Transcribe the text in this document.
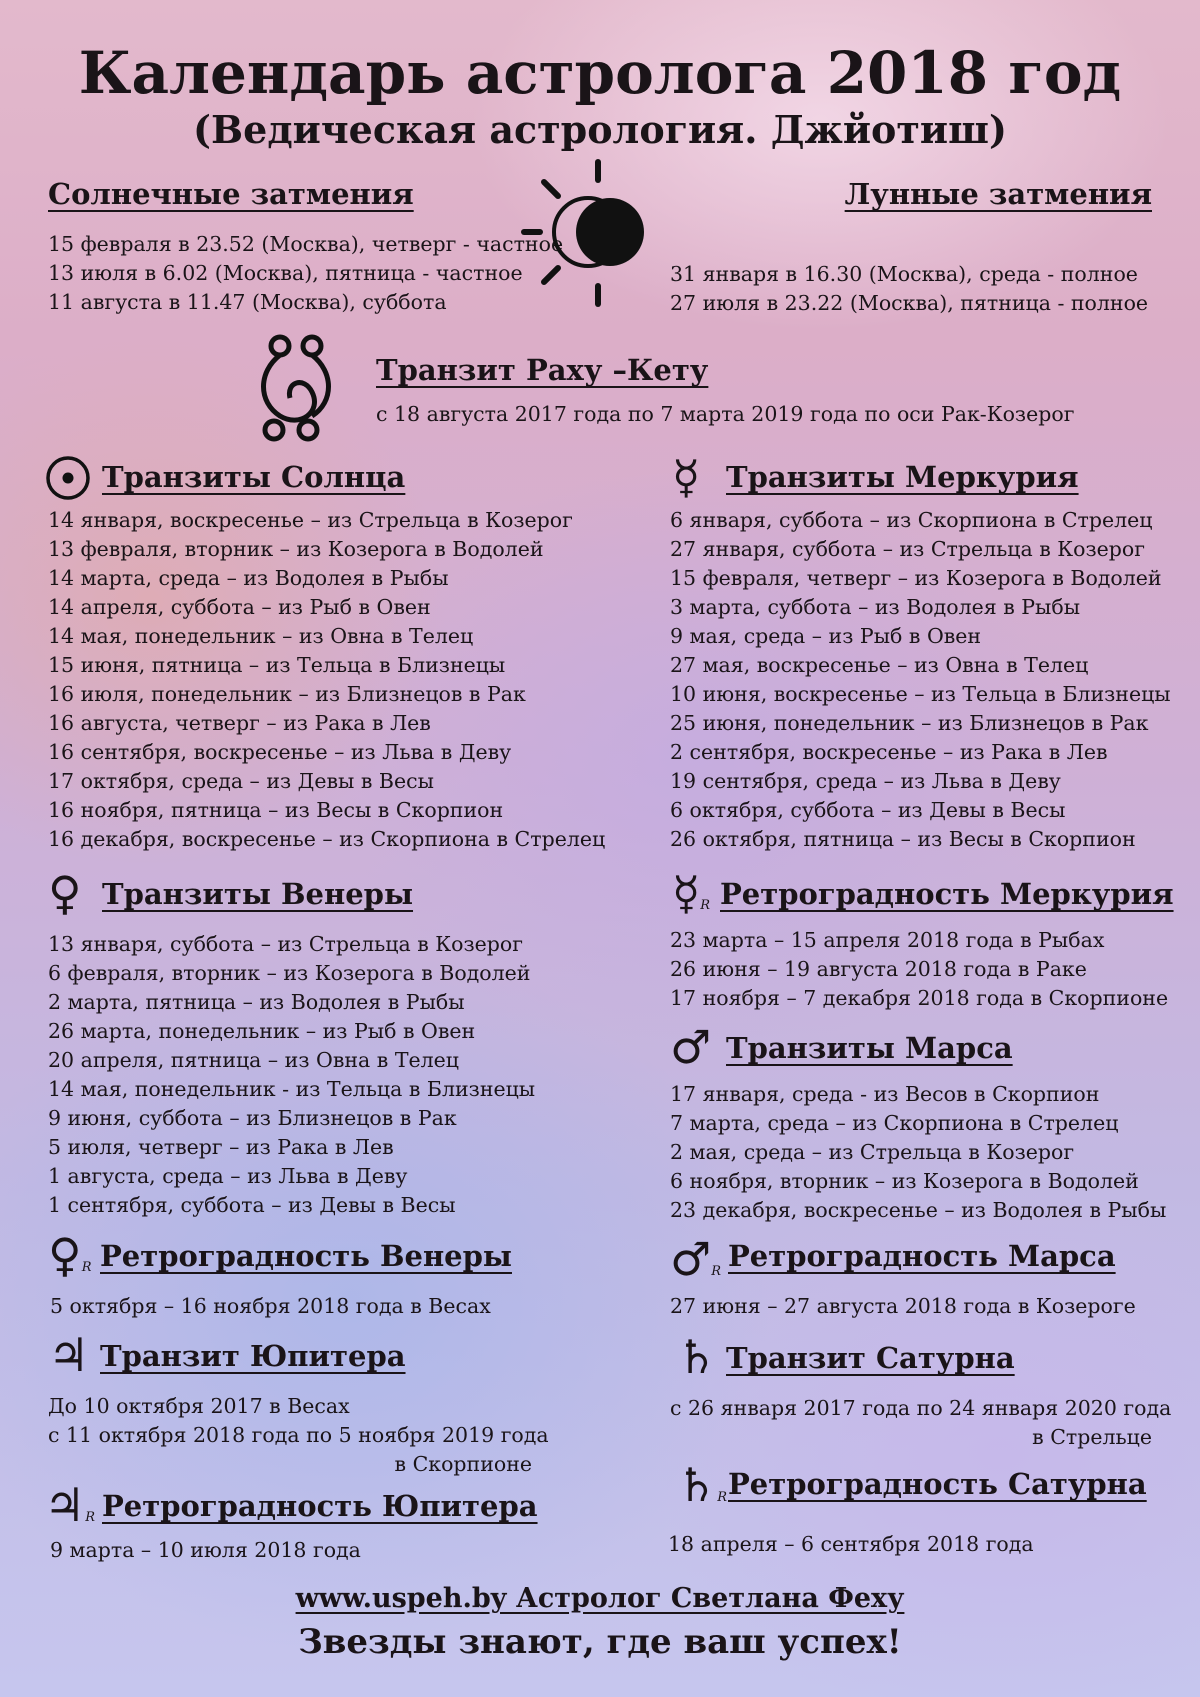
Календарь астролога 2018 год
(Ведическая астрология. Джйотиш)
Солнечные затмения
15 февраля в 23.52 (Москва), четверг - частное
13 июля в 6.02 (Москва), пятница - частное
11 августа в 11.47 (Москва), суббота
Лунные затмения
31 января в 16.30 (Москва), среда - полное
27 июля в 23.22 (Москва), пятница - полное
Транзит Раху –Кету
с 18 августа 2017 года по 7 марта 2019 года по оси Рак-Козерог
Транзиты Солнца
14 января, воскресенье – из Стрельца в Козерог
13 февраля, вторник – из Козерога в Водолей
14 марта, среда – из Водолея в Рыбы
14 апреля, суббота – из Рыб в Овен
14 мая, понедельник – из Овна в Телец
15 июня, пятница – из Тельца в Близнецы
16 июля, понедельник – из Близнецов в Рак
16 августа, четверг – из Рака в Лев
16 сентября, воскресенье – из Льва в Деву
17 октября, среда – из Девы в Весы
16 ноября, пятница – из Весы в Скорпион
16 декабря, воскресенье – из Скорпиона в Стрелец
☿ Транзиты Меркурия
6 января, суббота – из Скорпиона в Стрелец
27 января, суббота – из Стрельца в Козерог
15 февраля, четверг – из Козерога в Водолей
3 марта, суббота – из Водолея в Рыбы
9 мая, среда – из Рыб в Овен
27 мая, воскресенье – из Овна в Телец
10 июня, воскресенье – из Тельца в Близнецы
25 июня, понедельник – из Близнецов в Рак
2 сентября, воскресенье – из Рака в Лев
19 сентября, среда – из Льва в Деву
6 октября, суббота – из Девы в Весы
26 октября, пятница – из Весы в Скорпион
♀ Транзиты Венеры
13 января, суббота – из Стрельца в Козерог
6 февраля, вторник – из Козерога в Водолей
2 марта, пятница – из Водолея в Рыбы
26 марта, понедельник – из Рыб в Овен
20 апреля, пятница – из Овна в Телец
14 мая, понедельник - из Тельца в Близнецы
9 июня, суббота – из Близнецов в Рак
5 июля, четверг – из Рака в Лев
1 августа, среда – из Льва в Деву
1 сентября, суббота – из Девы в Весы
☿R Ретроградность Меркурия
23 марта – 15 апреля 2018 года в Рыбах
26 июня – 19 августа 2018 года в Раке
17 ноября – 7 декабря 2018 года в Скорпионе
♂ Транзиты Марса
17 января, среда - из Весов в Скорпион
7 марта, среда – из Скорпиона в Стрелец
2 мая, среда – из Стрельца в Козерог
6 ноября, вторник – из Козерога в Водолей
23 декабря, воскресенье – из Водолея в Рыбы
♀R Ретроградность Венеры
5 октября – 16 ноября 2018 года в Весах
♂R Ретроградность Марса
27 июня – 27 августа 2018 года в Козероге
♃ Транзит Юпитера
До 10 октября 2017 в Весах
с 11 октября 2018 года по 5 ноября 2019 года
в Скорпионе
♄ Транзит Сатурна
с 26 января 2017 года по 24 января 2020 года
в Стрельце
♃R Ретроградность Юпитера
9 марта – 10 июля 2018 года
♄R Ретроградность Сатурна
18 апреля – 6 сентября 2018 года
www.uspeh.by Астролог Светлана Феху
Звезды знают, где ваш успех!
